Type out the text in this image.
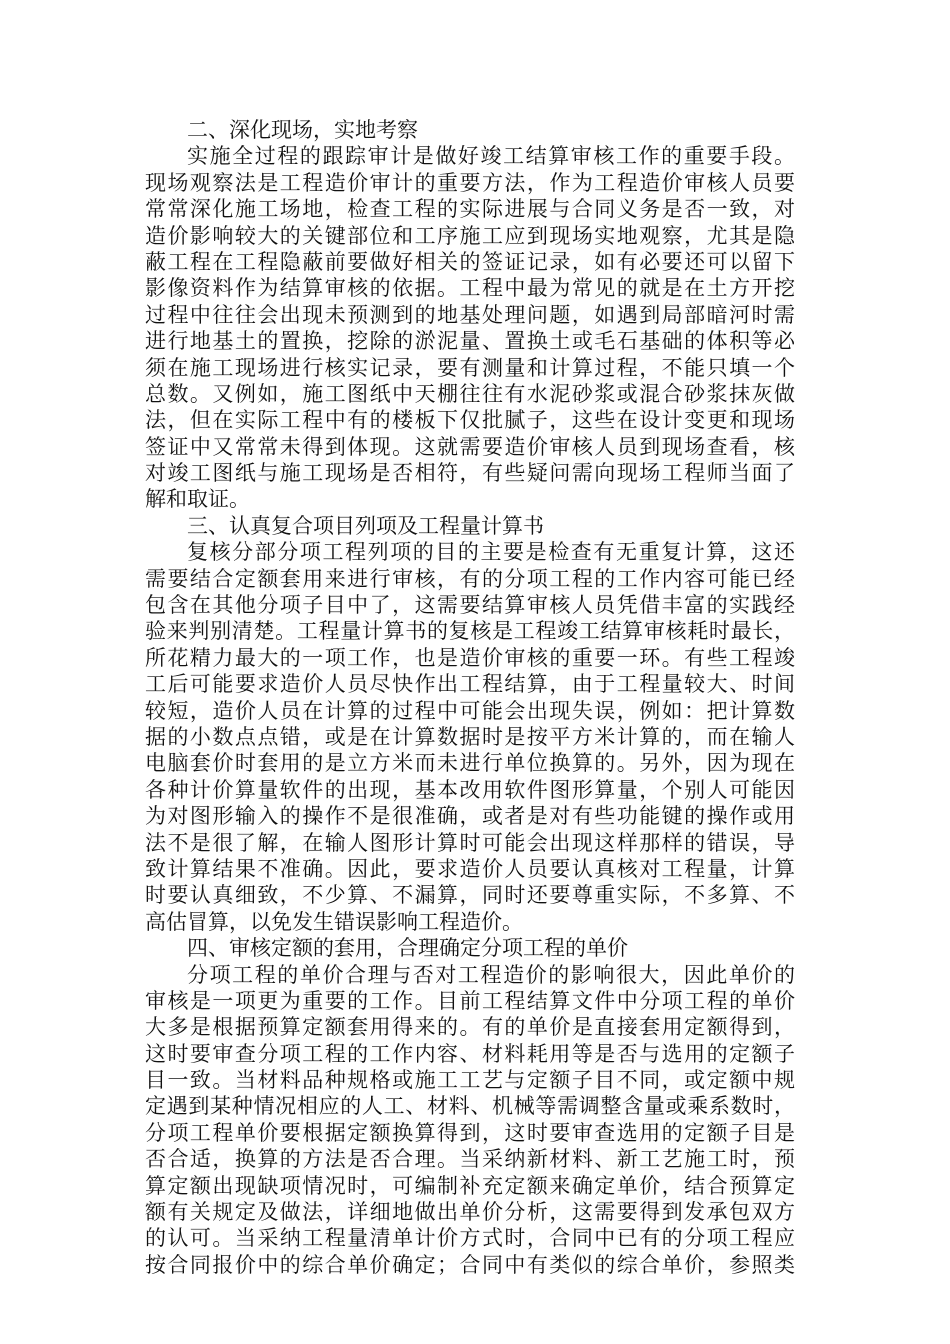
二、深化现场，实地考察
实施全过程的跟踪审计是做好竣工结算审核工作的重要手段。
现场观察法是工程造价审计的重要方法，作为工程造价审核人员要
常常深化施工场地，检查工程的实际进展与合同义务是否一致，对
造价影响较大的关键部位和工序施工应到现场实地观察，尤其是隐
蔽工程在工程隐蔽前要做好相关的签证记录，如有必要还可以留下
影像资料作为结算审核的依据。工程中最为常见的就是在土方开挖
过程中往往会出现未预测到的地基处理问题，如遇到局部暗河时需
进行地基土的置换，挖除的淤泥量、置换土或毛石基础的体积等必
须在施工现场进行核实记录，要有测量和计算过程，不能只填一个
总数。又例如，施工图纸中天棚往往有水泥砂浆或混合砂浆抹灰做
法，但在实际工程中有的楼板下仅批腻子，这些在设计变更和现场
签证中又常常未得到体现。这就需要造价审核人员到现场查看，核
对竣工图纸与施工现场是否相符，有些疑问需向现场工程师当面了
解和取证。
三、认真复合项目列项及工程量计算书
复核分部分项工程列项的目的主要是检查有无重复计算，这还
需要结合定额套用来进行审核，有的分项工程的工作内容可能已经
包含在其他分项子目中了，这需要结算审核人员凭借丰富的实践经
验来判别清楚。工程量计算书的复核是工程竣工结算审核耗时最长，
所花精力最大的一项工作，也是造价审核的重要一环。有些工程竣
工后可能要求造价人员尽快作出工程结算，由于工程量较大、时间
较短，造价人员在计算的过程中可能会出现失误，例如：把计算数
据的小数点点错，或是在计算数据时是按平方米计算的，而在输人
电脑套价时套用的是立方米而未进行单位换算的。另外，因为现在
各种计价算量软件的出现，基本改用软件图形算量，个别人可能因
为对图形输入的操作不是很准确，或者是对有些功能键的操作或用
法不是很了解，在输人图形计算时可能会出现这样那样的错误，导
致计算结果不准确。因此，要求造价人员要认真核对工程量，计算
时要认真细致，不少算、不漏算，同时还要尊重实际，不多算、不
高估冒算，以免发生错误影响工程造价。
四、审核定额的套用，合理确定分项工程的单价
分项工程的单价合理与否对工程造价的影响很大，因此单价的
审核是一项更为重要的工作。目前工程结算文件中分项工程的单价
大多是根据预算定额套用得来的。有的单价是直接套用定额得到，
这时要审查分项工程的工作内容、材料耗用等是否与选用的定额子
目一致。当材料品种规格或施工工艺与定额子目不同，或定额中规
定遇到某种情况相应的人工、材料、机械等需调整含量或乘系数时，
分项工程单价要根据定额换算得到，这时要审查选用的定额子目是
否合适，换算的方法是否合理。当采纳新材料、新工艺施工时，预
算定额出现缺项情况时，可编制补充定额来确定单价，结合预算定
额有关规定及做法，详细地做出单价分析，这需要得到发承包双方
的认可。当采纳工程量清单计价方式时，合同中已有的分项工程应
按合同报价中的综合单价确定；合同中有类似的综合单价，参照类
